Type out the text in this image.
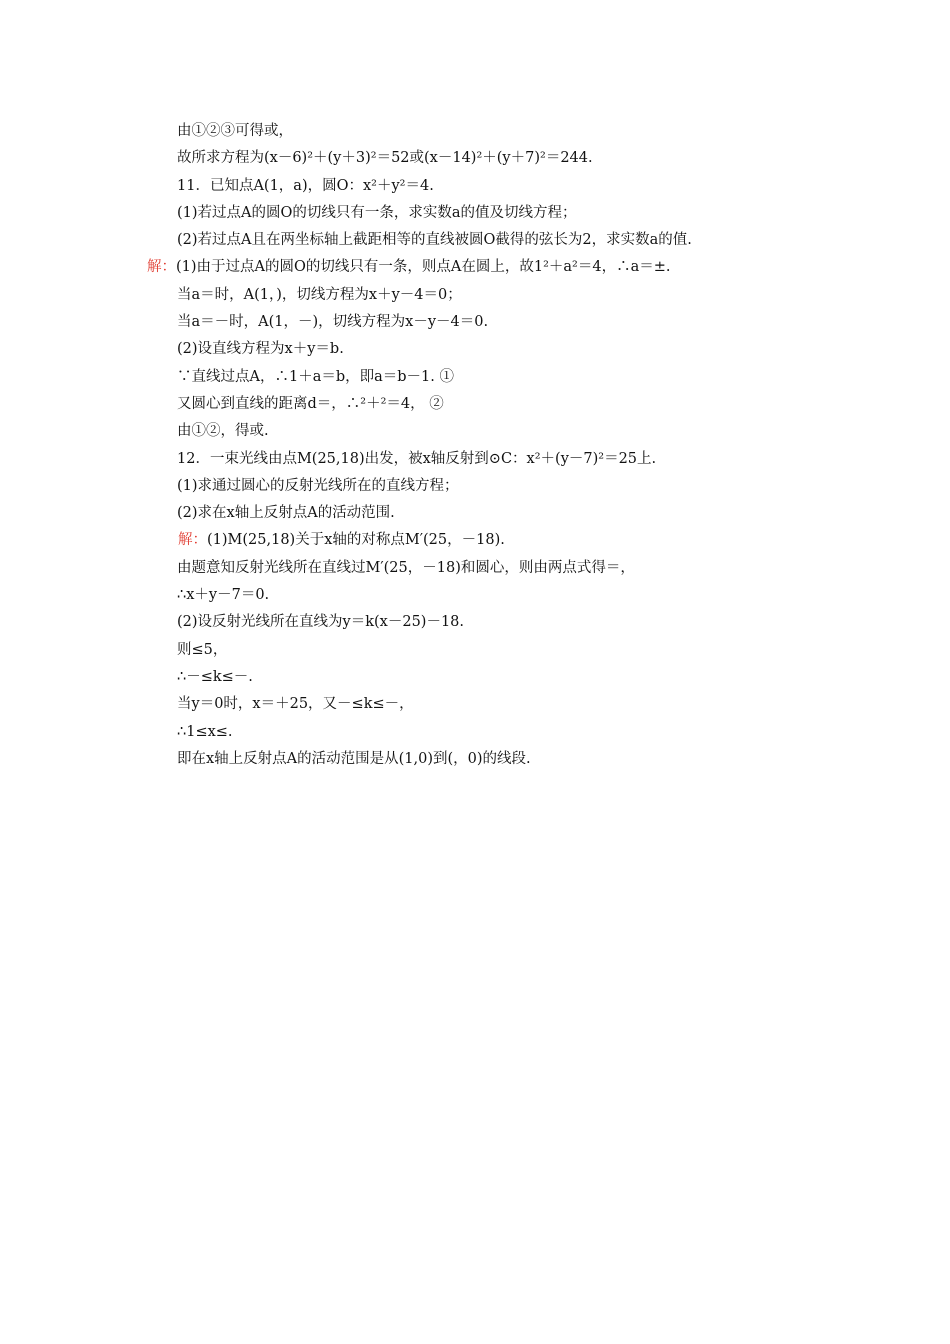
由①②③可得或，
故所求方程为(x－6)²＋(y＋3)²＝52或(x－14)²＋(y＋7)²＝244.
11．已知点A(1，a)，圆O：x²＋y²＝4.
(1)若过点A的圆O的切线只有一条，求实数a的值及切线方程；
(2)若过点A且在两坐标轴上截距相等的直线被圆O截得的弦长为2，求实数a的值.
解：(1)由于过点A的圆O的切线只有一条，则点A在圆上，故1²＋a²＝4，∴a＝±.
当a＝时，A(1，)，切线方程为x＋y－4＝0；
当a＝－时，A(1，－)，切线方程为x－y－4＝0.
(2)设直线方程为x＋y＝b.
∵直线过点A，∴1＋a＝b，即a＝b－1. ①
又圆心到直线的距离d＝，∴²＋²＝4， ②
由①②，得或.
12．一束光线由点M(25,18)出发，被x轴反射到⊙C：x²＋(y－7)²＝25上.
(1)求通过圆心的反射光线所在的直线方程；
(2)求在x轴上反射点A的活动范围.
解：(1)M(25,18)关于x轴的对称点M′(25，－18).
由题意知反射光线所在直线过M′(25，－18)和圆心，则由两点式得＝，
∴x＋y－7＝0.
(2)设反射光线所在直线为y＝k(x－25)－18.
则≤5，
∴－≤k≤－.
当y＝0时，x＝＋25，又－≤k≤－，
∴1≤x≤.
即在x轴上反射点A的活动范围是从(1,0)到(，0)的线段.
